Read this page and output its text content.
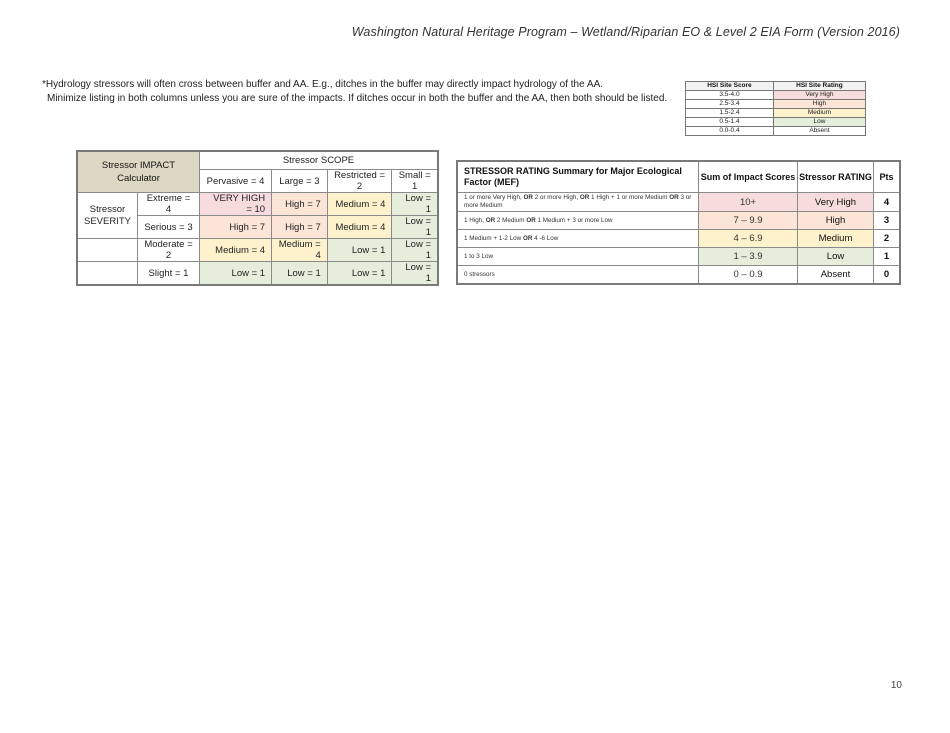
Washington Natural Heritage Program – Wetland/Riparian EO & Level 2 EIA Form (Version 2016)
*Hydrology stressors will often cross between buffer and AA. E.g., ditches in the buffer may directly impact hydrology of the AA.
Minimize listing in both columns unless you are sure of the impacts. If ditches occur in both the buffer and the AA, then both should be listed.
HSI Site Score	HSI Site Rating
3.5-4.0	Very High
2.5-3.4	High
1.5-2.4	Medium
0.5-1.4	Low
0.0-0.4	Absent
Stressor IMPACT Calculator		Stressor SCOPE			
		Pervasive = 4	Large = 3	Restricted = 2	Small = 1
Stressor SEVERITY	Extreme = 4	VERY HIGH = 10	High = 7	Medium = 4	Low = 1
	Serious = 3	High = 7	High = 7	Medium = 4	Low = 1
	Moderate = 2	Medium = 4	Medium = 4	Low = 1	Low = 1
	Slight = 1	Low = 1	Low = 1	Low = 1	Low = 1
STRESSOR RATING Summary for Major Ecological Factor (MEF)	Sum of Impact Scores	Stressor RATING	Pts
1 or more Very High, OR 2 or more High, OR 1 High + 1 or more Medium OR 3 or more Medium	10+	Very High	4
1 High, OR 2 Medium OR 1 Medium + 3 or more Low	7 – 9.9	High	3
1 Medium + 1-2 Low OR 4 -6 Low	4 – 6.9	Medium	2
1 to 3 Low	1 – 3.9	Low	1
0 stressors	0 – 0.9	Absent	0
10
